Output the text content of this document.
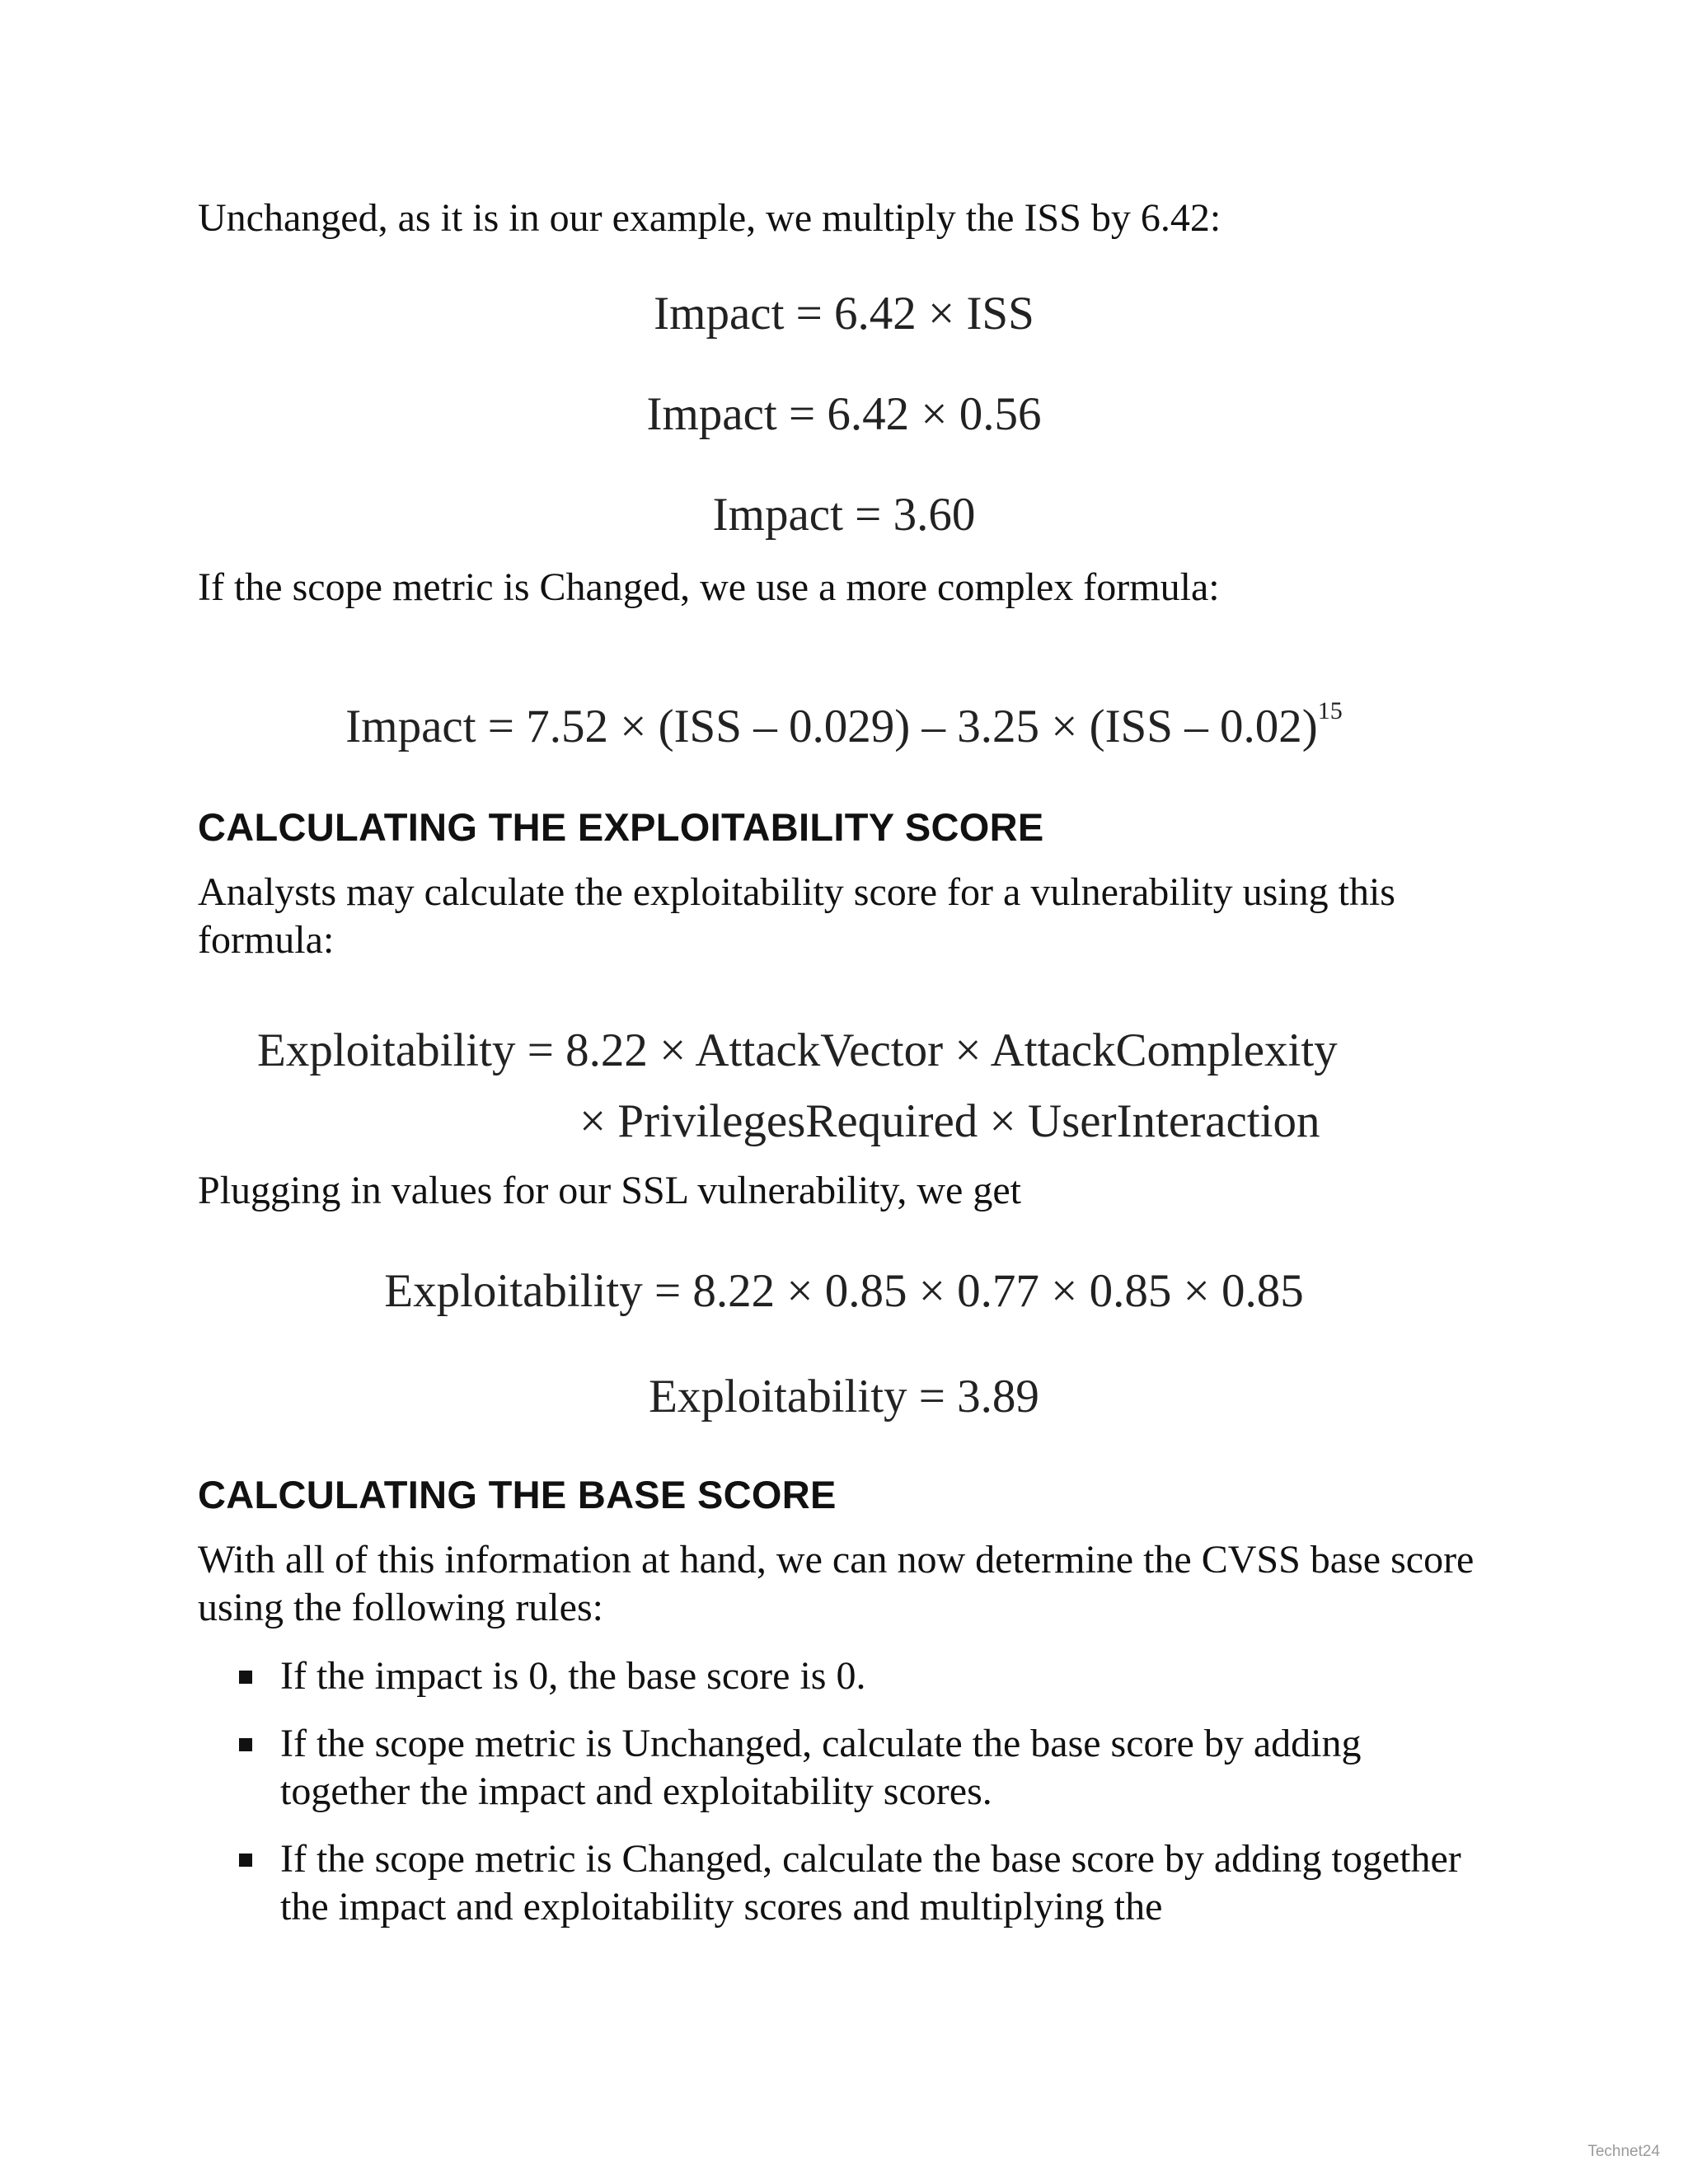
Unchanged, as it is in our example, we multiply the ISS by 6.42:

Impact = 6.42 × ISS

Impact = 6.42 × 0.56

Impact = 3.60

If the scope metric is Changed, we use a more complex formula:

Impact = 7.52 × (ISS – 0.029) – 3.25 × (ISS – 0.02)$^{15}$

CALCULATING THE EXPLOITABILITY SCORE

Analysts may calculate the exploitability score for a vulnerability using this formula:

Exploitability = 8.22 × AttackVector × AttackComplexity

× PrivilegesRequired × UserInteraction

Plugging in values for our SSL vulnerability, we get

Exploitability = 8.22 × 0.85 × 0.77 × 0.85 × 0.85

Exploitability = 3.89

CALCULATING THE BASE SCORE

With all of this information at hand, we can now determine the CVSS base score using the following rules:

If the impact is 0, the base score is 0.
If the scope metric is Unchanged, calculate the base score by adding together the impact and exploitability scores.
If the scope metric is Changed, calculate the base score by adding together the impact and exploitability scores and multiplying the
Technet24
